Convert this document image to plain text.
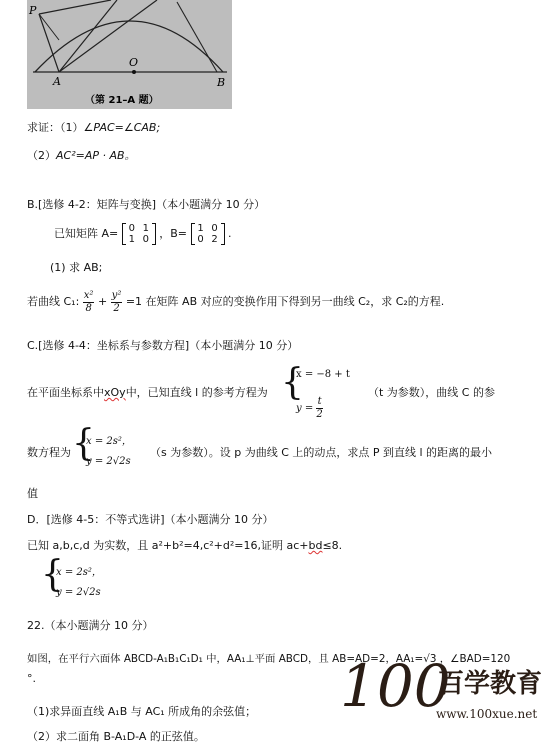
P
A
O
B
（第 21–A 题）
求证：（1）∠PAC=∠CAB;
（2）AC²=AP · AB。
B.[选修 4-2：矩阵与变换]（本小题满分 10 分）
已知矩阵 A=	0 1
1 0 ，B=	1 0
0 2 .
(1) 求 AB;
若曲线 C₁: $\frac{\text{x²}}{8} + \frac{\text{y²}}{2} =1$ 在矩阵 AB 对应的变换作用下得到另一曲线 C₂，求 C₂的方程.
C.[选修 4-4：坐标系与参数方程]（本小题满分 10 分）
在平面坐标系中xOy中，已知直线 l 的参考方程为 {
x = −8 + t
$y = \frac{t}{2}$
（t 为参数），曲线 C 的参
数方程为 {
x = 2s²，
y = 2√2s
（s 为参数）。设 p 为曲线 C 上的动点，求点 P 到直线 l 的距离的最小
值
D．[选修 4-5：不等式选讲]（本小题满分 10 分）
已知 a,b,c,d 为实数，且 a²+b²=4,c²+d²=16,证明 ac+bd≤8.
{
x = 2s²，
y = 2√2s
22.（本小题满分 10 分）
如图，在平行六面体 ABCD-A₁B₁C₁D₁ 中，AA₁⊥平面 ABCD，且 AB=AD=2，AA₁=√3 ，∠BAD=120
°.
（1)求异面直线 A₁B 与 AC₁ 所成角的余弦值；
（2）求二面角 B-A₁D-A 的正弦值。
100
百学教育
www.100xue.net
